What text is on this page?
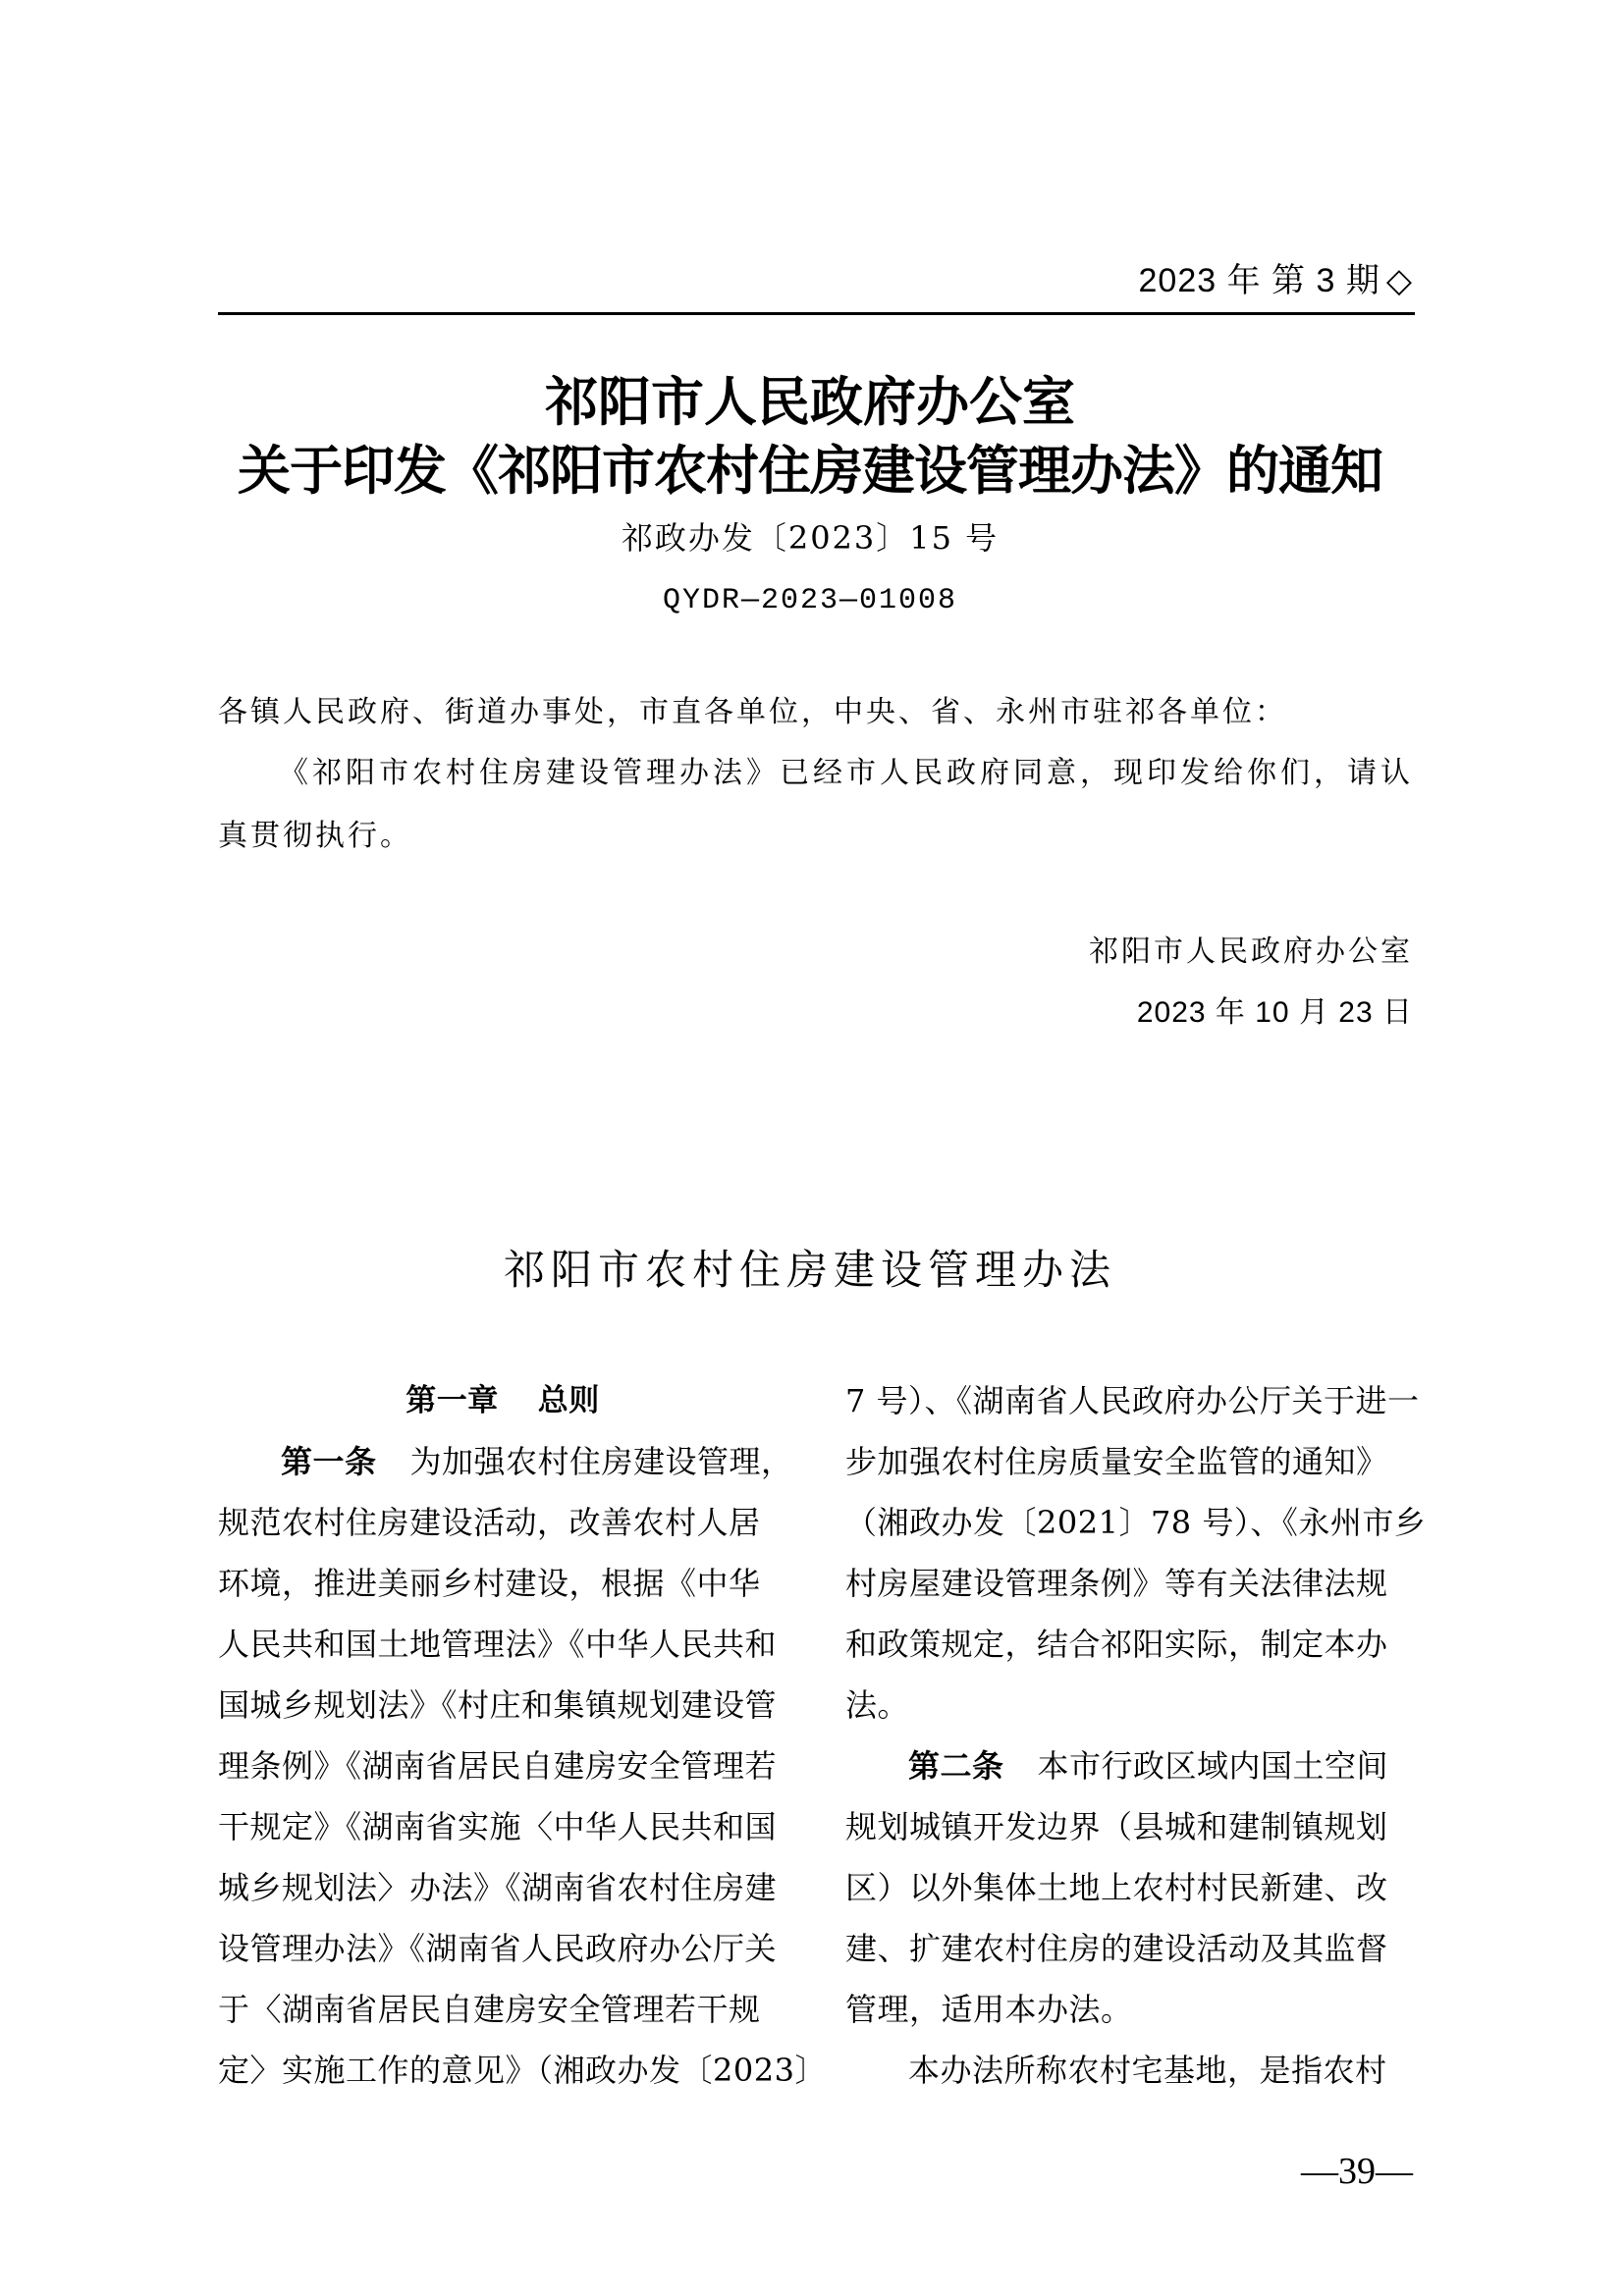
2023 年 第 3 期 ◇
祁阳市人民政府办公室
关于印发《祁阳市农村住房建设管理办法》的通知
祁政办发〔2023〕15 号
QYDR—2023—01008
各镇人民政府、街道办事处，市直各单位，中央、省、永州市驻祁各单位：
《祁阳市农村住房建设管理办法》已经市人民政府同意，现印发给你们，请认
真贯彻执行。
祁阳市人民政府办公室
2023 年 10 月 23 日
祁阳市农村住房建设管理办法
第一章 总则
第一条 为加强农村住房建设管理，
规范农村住房建设活动，改善农村人居
环境，推进美丽乡村建设，根据《中华
人民共和国土地管理法》《中华人民共和
国城乡规划法》《村庄和集镇规划建设管
理条例》《湖南省居民自建房安全管理若
干规定》《湖南省实施〈中华人民共和国
城乡规划法〉办法》《湖南省农村住房建
设管理办法》《湖南省人民政府办公厅关
于〈湖南省居民自建房安全管理若干规
定〉实施工作的意见》（湘政办发〔2023〕
7 号）、《湖南省人民政府办公厅关于进一
步加强农村住房质量安全监管的通知》
（湘政办发〔2021〕78 号）、《永州市乡
村房屋建设管理条例》等有关法律法规
和政策规定，结合祁阳实际，制定本办
法。
第二条 本市行政区域内国土空间
规划城镇开发边界（县城和建制镇规划
区）以外集体土地上农村村民新建、改
建、扩建农村住房的建设活动及其监督
管理，适用本办法。
本办法所称农村宅基地，是指农村
—39—
